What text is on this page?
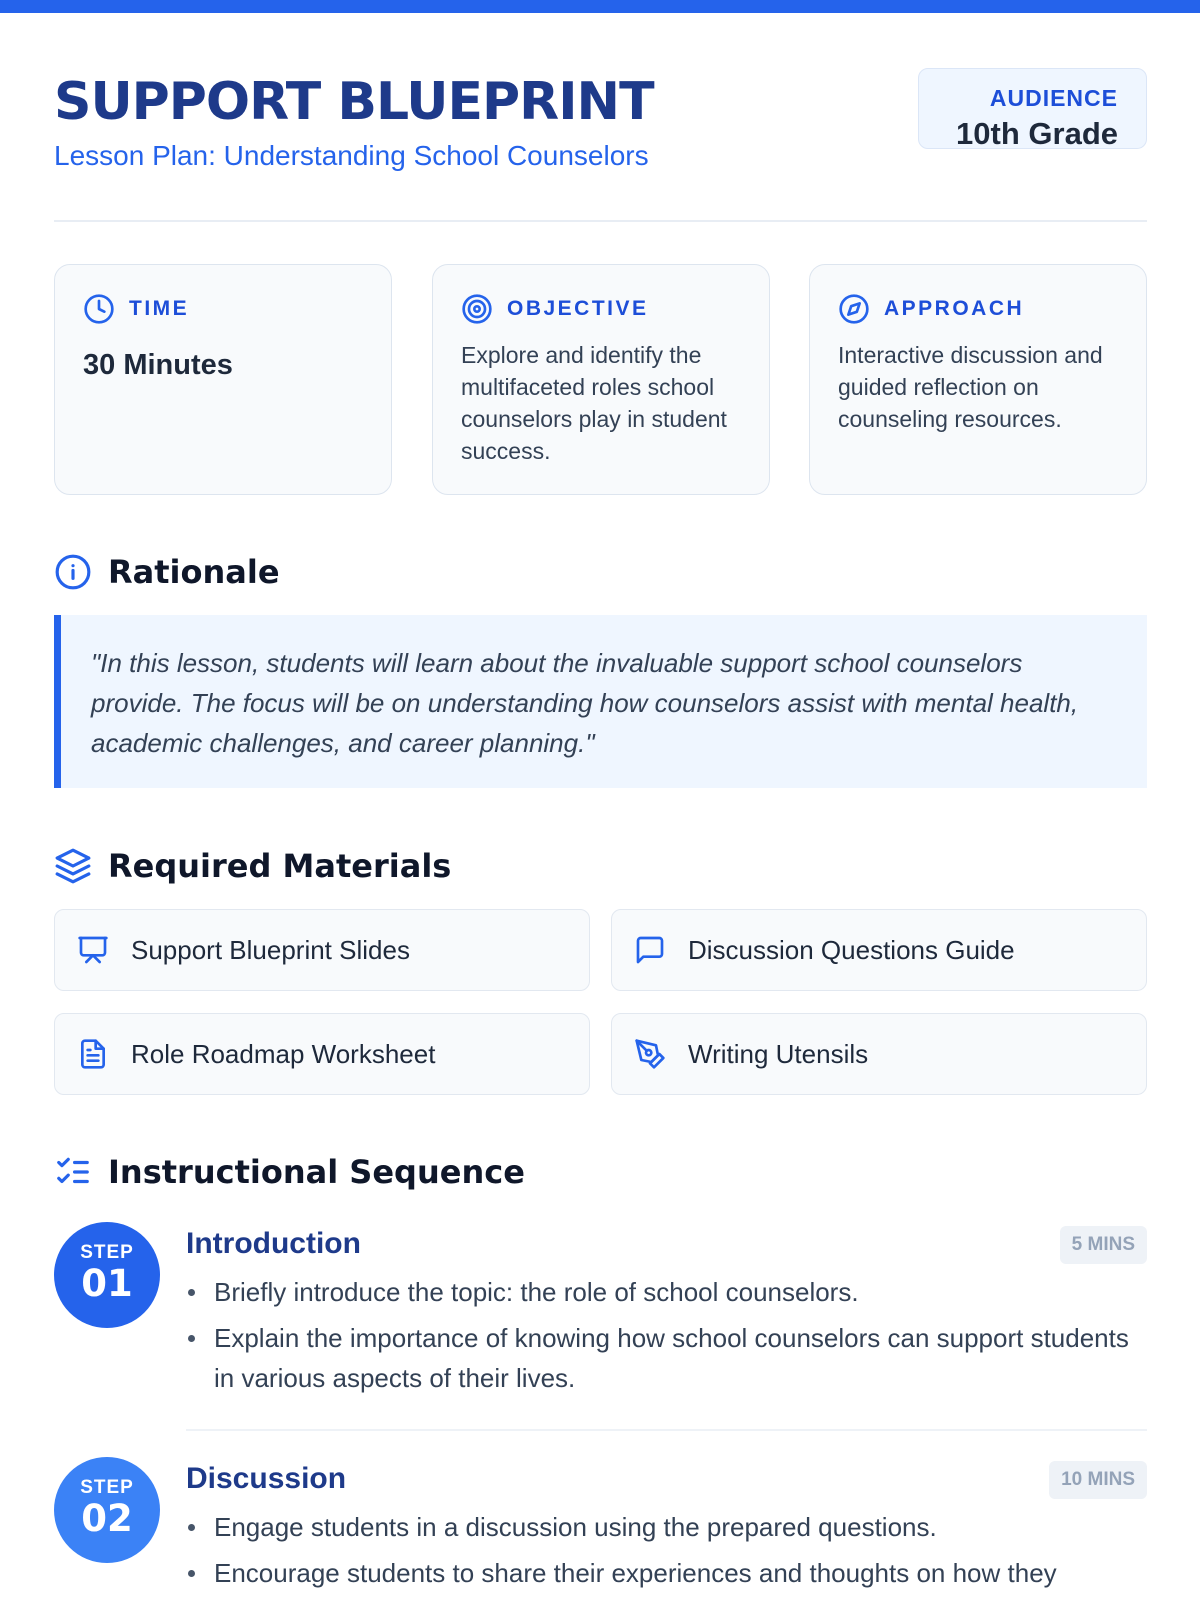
SUPPORT BLUEPRINT
Lesson Plan: Understanding School Counselors
AUDIENCE
10th Grade
TIME
30 Minutes
OBJECTIVE
Explore and identify the multifaceted roles school counselors play in student success.
APPROACH
Interactive discussion and guided reflection on counseling resources.
Rationale
"In this lesson, students will learn about the invaluable support school counselors provide. The focus will be on understanding how counselors assist with mental health, academic challenges, and career planning."
Required Materials
Support Blueprint Slides	Discussion Questions Guide
Role Roadmap Worksheet	Writing Utensils
Instructional Sequence
STEP
01
Introduction	5 MINS
Briefly introduce the topic: the role of school counselors.
Explain the importance of knowing how school counselors can support students in various aspects of their lives.
STEP
02
Discussion	10 MINS
Engage students in a discussion using the prepared questions.
Encourage students to share their experiences and thoughts on how they
